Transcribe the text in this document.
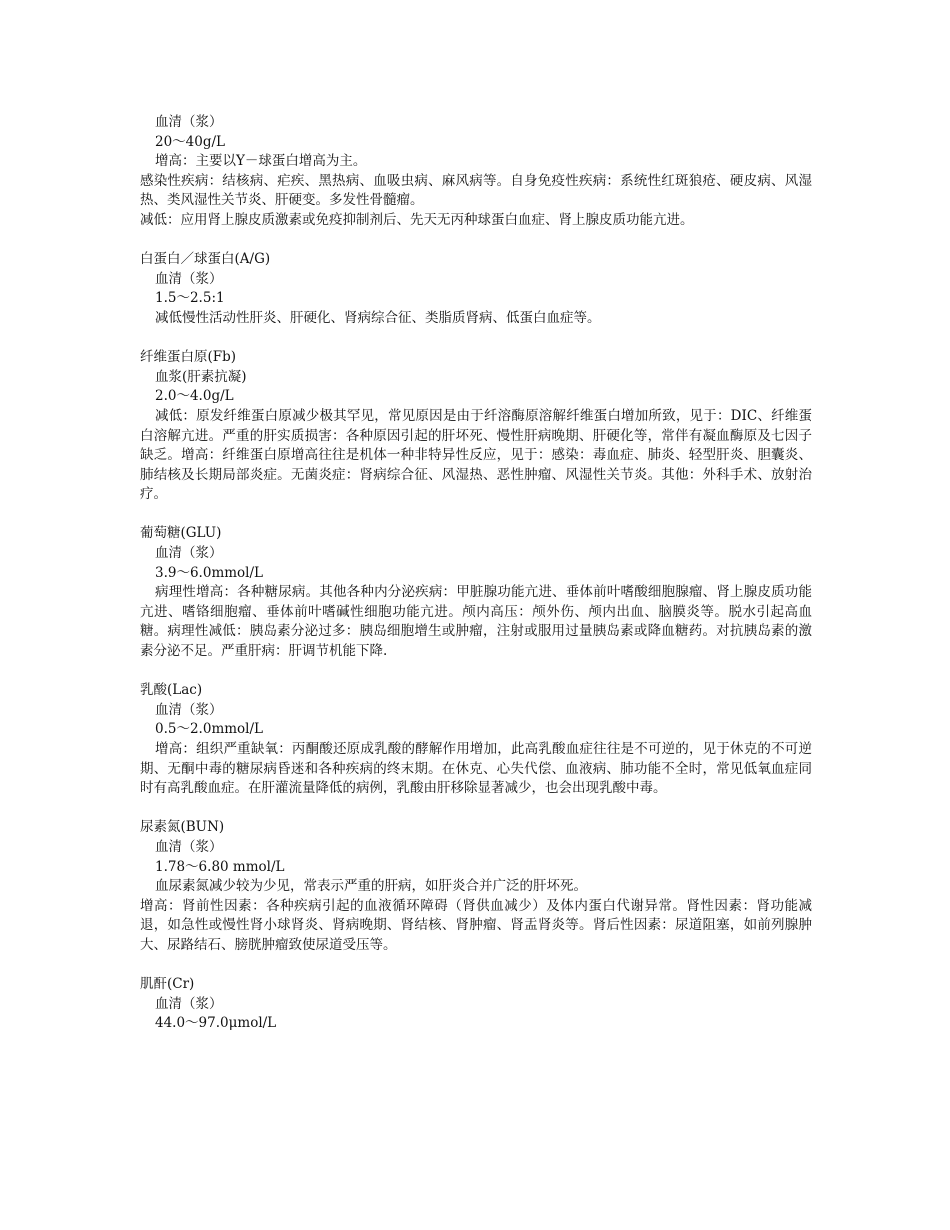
血清（浆）
20～40g/L
增高：主要以Υ－球蛋白增高为主。
感染性疾病：结核病、疟疾、黑热病、血吸虫病、麻风病等。自身免疫性疾病：系统性红斑狼疮、硬皮病、风湿热、类风湿性关节炎、肝硬变。多发性骨髓瘤。
减低：应用肾上腺皮质激素或免疫抑制剂后、先天无丙种球蛋白血症、肾上腺皮质功能亢进。
白蛋白／球蛋白(A/G)
血清（浆）
1.5～2.5:1
减低慢性活动性肝炎、肝硬化、肾病综合征、类脂质肾病、低蛋白血症等。
纤维蛋白原(Fb)
血浆(肝素抗凝)
2.0～4.0g/L
减低：原发纤维蛋白原减少极其罕见，常见原因是由于纤溶酶原溶解纤维蛋白增加所致，见于：DIC、纤维蛋白溶解亢进。严重的肝实质损害：各种原因引起的肝坏死、慢性肝病晚期、肝硬化等，常伴有凝血酶原及七因子缺乏。增高：纤维蛋白原增高往往是机体一种非特异性反应，见于：感染：毒血症、肺炎、轻型肝炎、胆囊炎、肺结核及长期局部炎症。无菌炎症：肾病综合征、风湿热、恶性肿瘤、风湿性关节炎。其他：外科手术、放射治疗。
葡萄糖(GLU)
血清（浆）
3.9～6.0mmol/L
病理性增高：各种糖尿病。其他各种内分泌疾病：甲脏腺功能亢进、垂体前叶嗜酸细胞腺瘤、肾上腺皮质功能亢进、嗜铬细胞瘤、垂体前叶嗜碱性细胞功能亢进。颅内高压：颅外伤、颅内出血、脑膜炎等。脱水引起高血糖。病理性减低：胰岛素分泌过多：胰岛细胞增生或肿瘤，注射或服用过量胰岛素或降血糖药。对抗胰岛素的激素分泌不足。严重肝病：肝调节机能下降.
乳酸(Lac)
血清（浆）
0.5～2.0mmol/L
增高：组织严重缺氧：丙酮酸还原成乳酸的酵解作用增加，此高乳酸血症往往是不可逆的，见于休克的不可逆期、无酮中毒的糖尿病昏迷和各种疾病的终末期。在休克、心失代偿、血液病、肺功能不全时，常见低氧血症同时有高乳酸血症。在肝灌流量降低的病例，乳酸由肝移除显著减少，也会出现乳酸中毒。
尿素氮(BUN)
血清（浆）
1.78～6.80 mmol/L
血尿素氮减少较为少见，常表示严重的肝病，如肝炎合并广泛的肝坏死。
增高：肾前性因素：各种疾病引起的血液循环障碍（肾供血减少）及体内蛋白代谢异常。肾性因素：肾功能减退，如急性或慢性肾小球肾炎、肾病晚期、肾结核、肾肿瘤、肾盂肾炎等。肾后性因素：尿道阻塞，如前列腺肿大、尿路结石、膀胱肿瘤致使尿道受压等。
肌酐(Cr)
血清（浆）
44.0～97.0μmol/L
